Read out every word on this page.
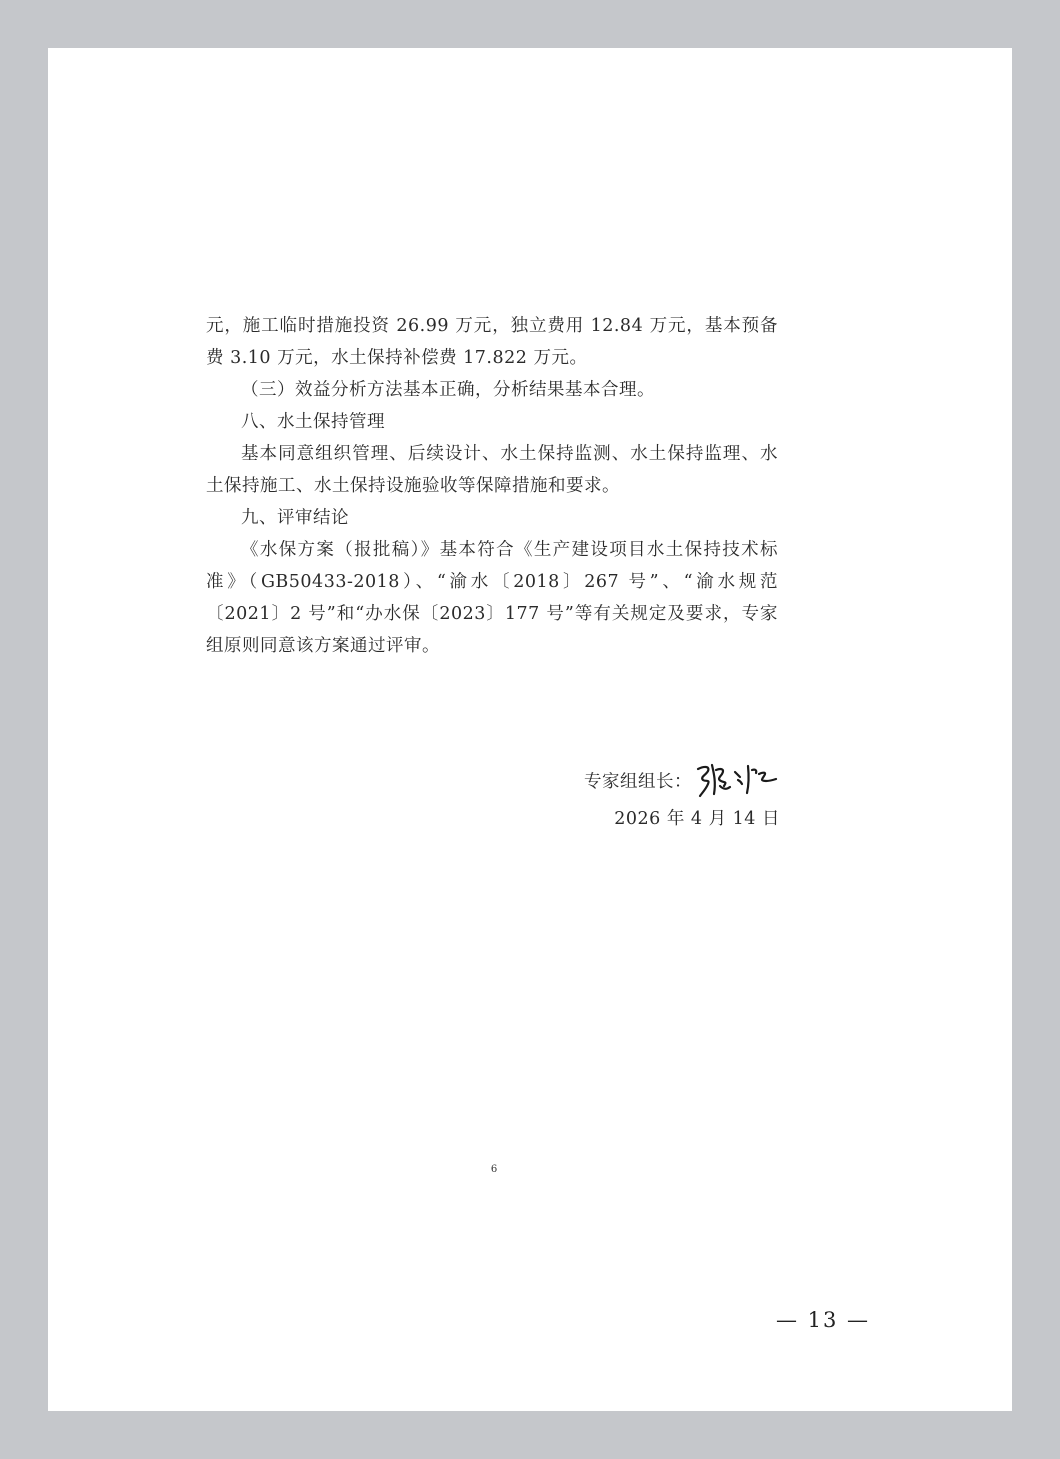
元，施工临时措施投资 26.99 万元，独立费用 12.84 万元，基本预备费 3.10 万元，水土保持补偿费 17.822 万元。

（三）效益分析方法基本正确，分析结果基本合理。

八、水土保持管理

基本同意组织管理、后续设计、水土保持监测、水土保持监理、水土保持施工、水土保持设施验收等保障措施和要求。

九、评审结论

《水保方案（报批稿）》基本符合《生产建设项目水土保持技术标准》（GB50433-2018）、“渝水〔2018〕267 号”、“渝水规范〔2021〕2 号”和“办水保〔2023〕177 号”等有关规定及要求，专家组原则同意该方案通过评审。

专家组组长：
2026 年 4 月 14 日
6
— 13 —
